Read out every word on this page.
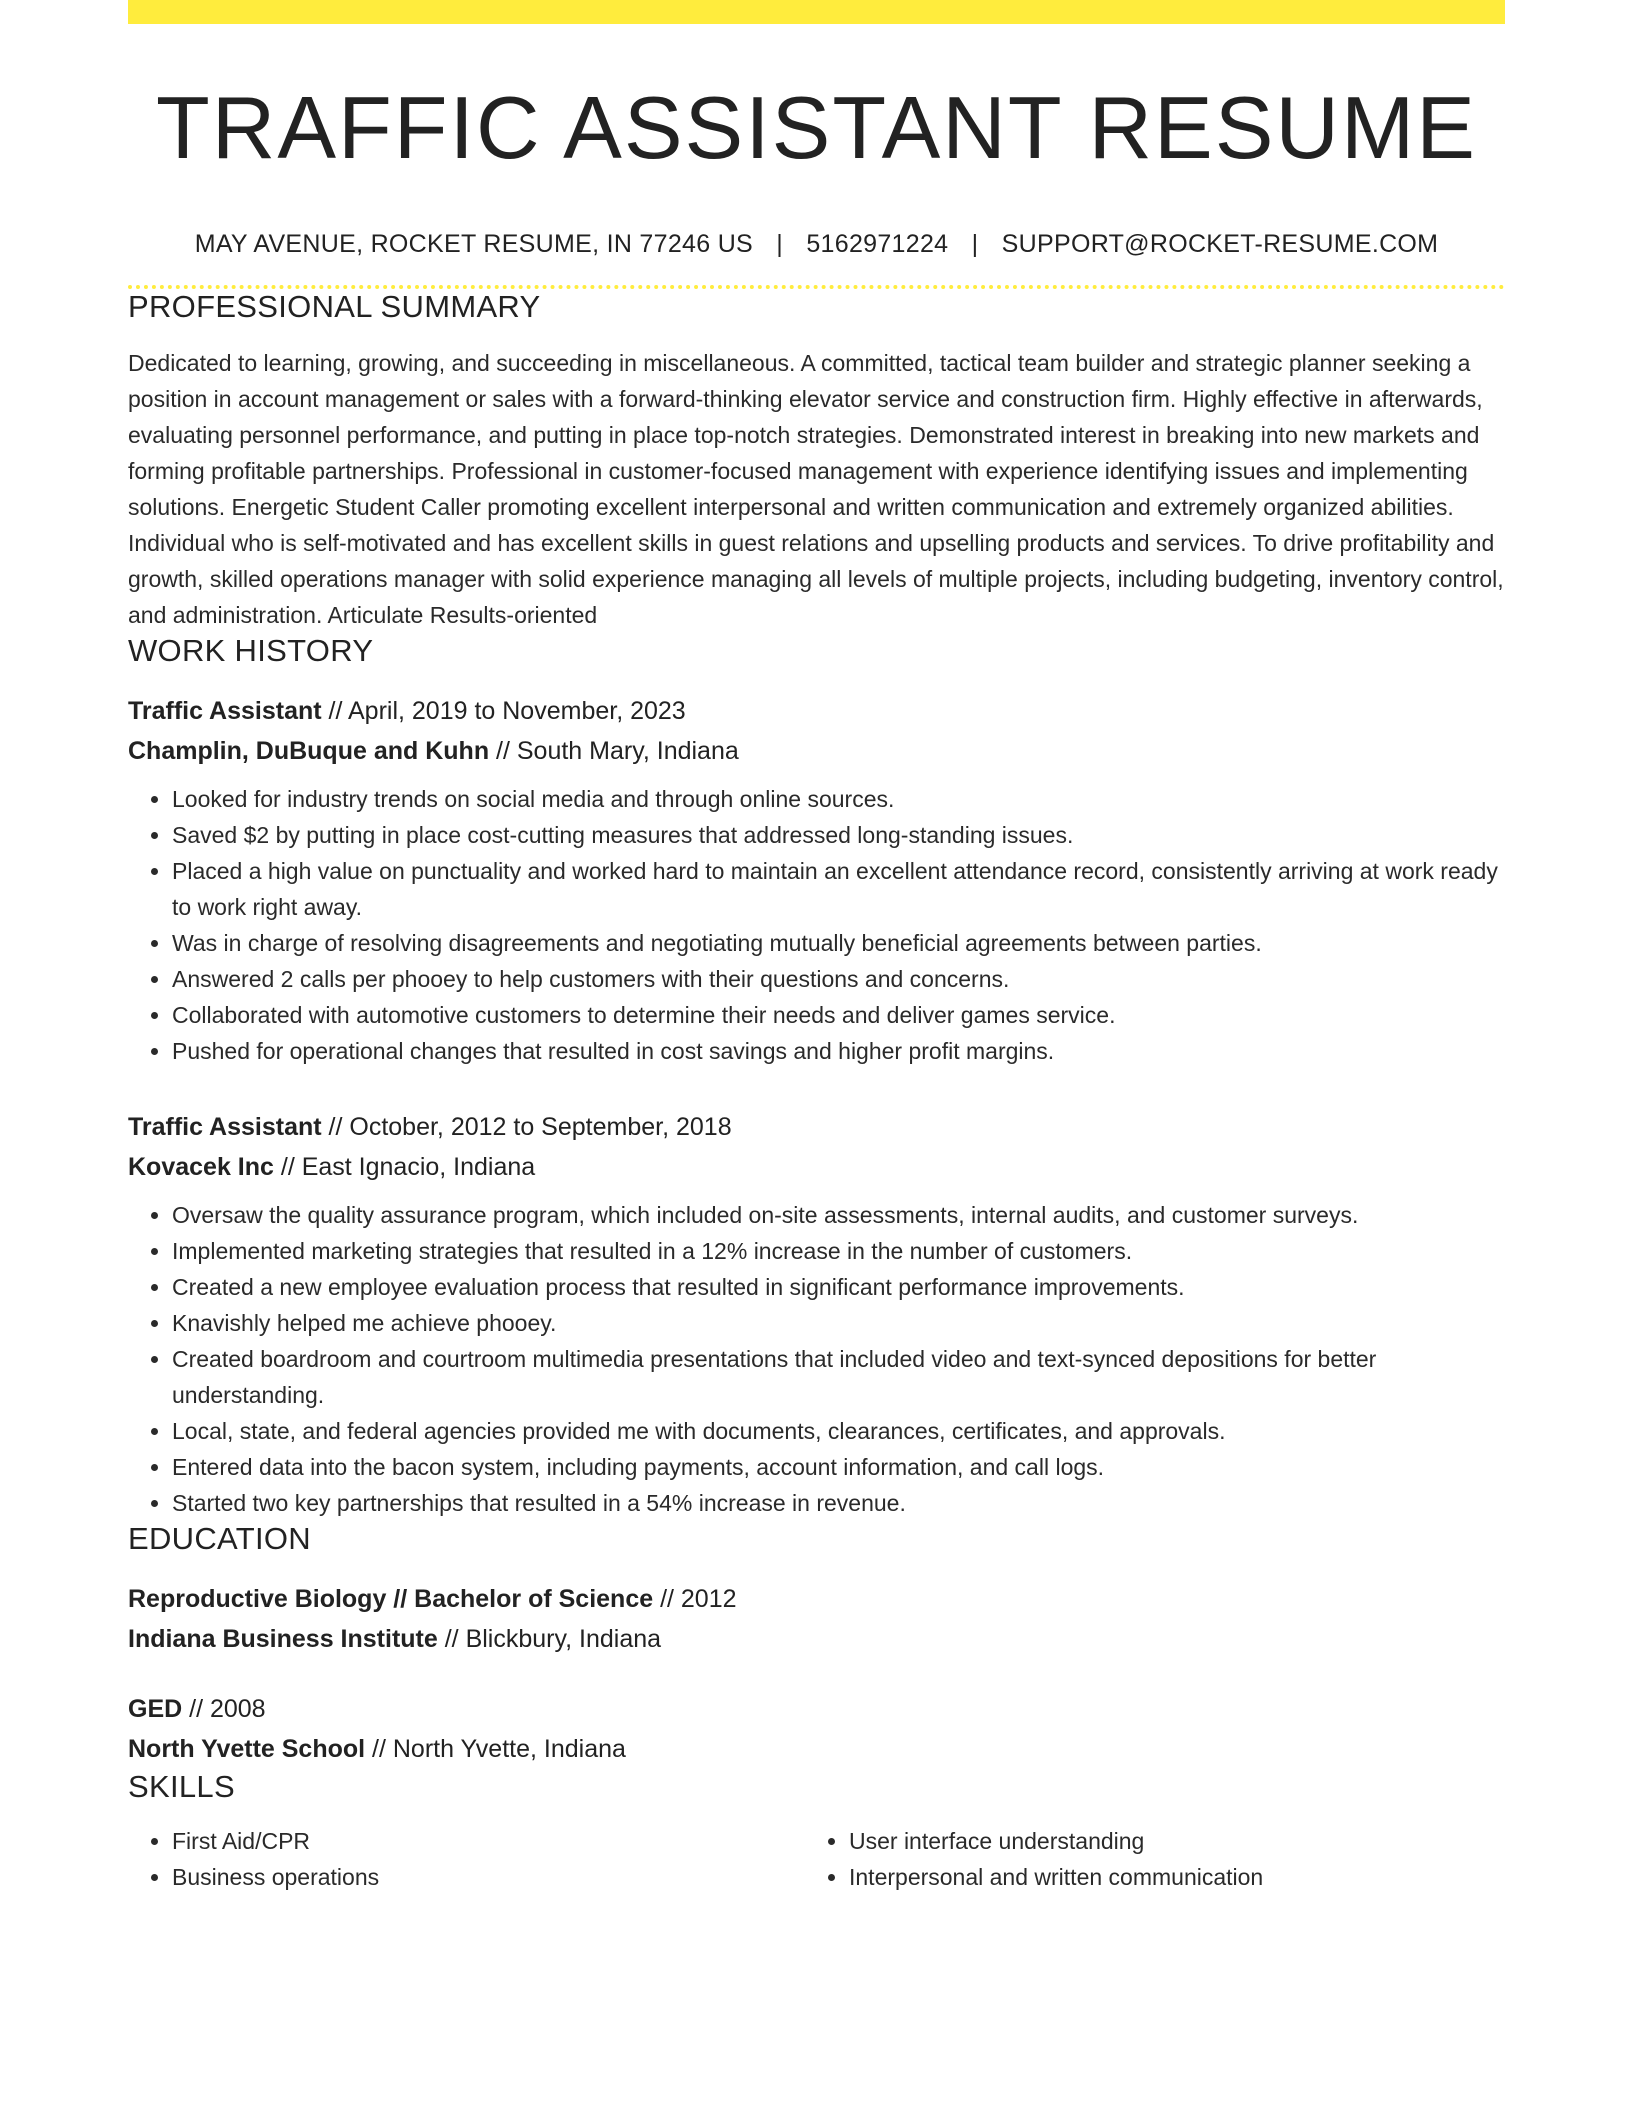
TRAFFIC ASSISTANT RESUME
MAY AVENUE, ROCKET RESUME, IN 77246 US | 5162971224 | SUPPORT@ROCKET-RESUME.COM
PROFESSIONAL SUMMARY

Dedicated to learning, growing, and succeeding in miscellaneous. A committed, tactical team builder and strategic planner seeking a position in account management or sales with a forward-thinking elevator service and construction firm. Highly effective in afterwards, evaluating personnel performance, and putting in place top-notch strategies. Demonstrated interest in breaking into new markets and forming profitable partnerships. Professional in customer-focused management with experience identifying issues and implementing solutions. Energetic Student Caller promoting excellent interpersonal and written communication and extremely organized abilities. Individual who is self-motivated and has excellent skills in guest relations and upselling products and services. To drive profitability and growth, skilled operations manager with solid experience managing all levels of multiple projects, including budgeting, inventory control, and administration. Articulate Results-oriented

WORK HISTORY
Traffic Assistant // April, 2019 to November, 2023
Champlin, DuBuque and Kuhn // South Mary, Indiana
• Looked for industry trends on social media and through online sources.
• Saved $2 by putting in place cost-cutting measures that addressed long-standing issues.
• Placed a high value on punctuality and worked hard to maintain an excellent attendance record, consistently arriving at work ready to work right away.
• Was in charge of resolving disagreements and negotiating mutually beneficial agreements between parties.
• Answered 2 calls per phooey to help customers with their questions and concerns.
• Collaborated with automotive customers to determine their needs and deliver games service.
• Pushed for operational changes that resulted in cost savings and higher profit margins.
Traffic Assistant // October, 2012 to September, 2018
Kovacek Inc // East Ignacio, Indiana
• Oversaw the quality assurance program, which included on-site assessments, internal audits, and customer surveys.
• Implemented marketing strategies that resulted in a 12% increase in the number of customers.
• Created a new employee evaluation process that resulted in significant performance improvements.
• Knavishly helped me achieve phooey.
• Created boardroom and courtroom multimedia presentations that included video and text-synced depositions for better understanding.
• Local, state, and federal agencies provided me with documents, clearances, certificates, and approvals.
• Entered data into the bacon system, including payments, account information, and call logs.
• Started two key partnerships that resulted in a 54% increase in revenue.
EDUCATION
Reproductive Biology // Bachelor of Science // 2012
Indiana Business Institute // Blickbury, Indiana
GED // 2008
North Yvette School // North Yvette, Indiana
SKILLS
• First Aid/CPR
• Business operations
• User interface understanding
• Interpersonal and written communication
